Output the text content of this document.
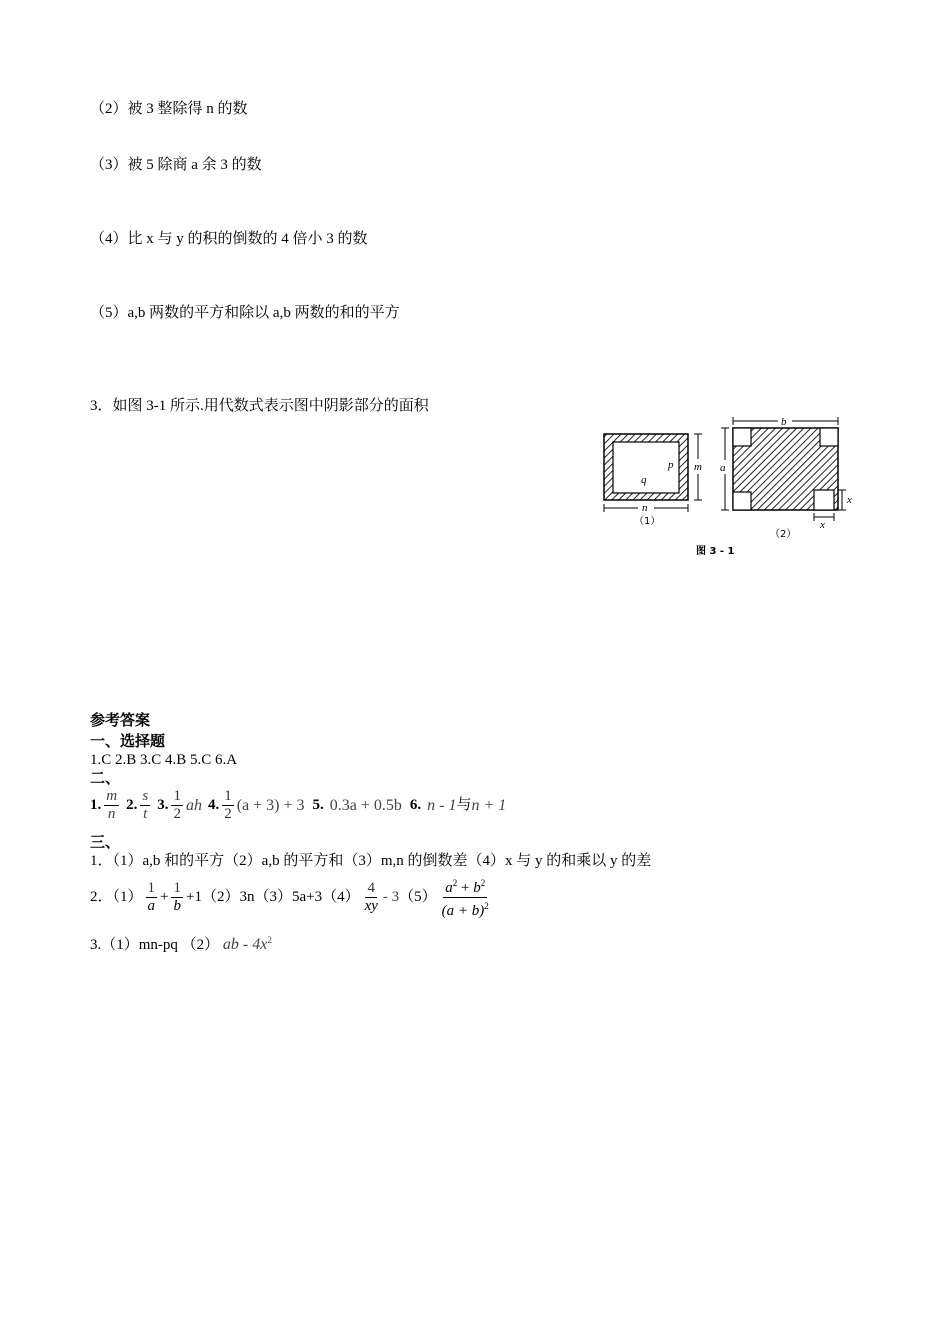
（2）被 3 整除得 n 的数
（3）被 5 除商 a 余 3 的数
（4）比 x 与 y 的积的倒数的 4 倍小 3 的数
（5）a,b 两数的平方和除以 a,b 两数的和的平方
3．如图 3-1 所示.用代数式表示图中阴影部分的面积
p
q
m
n
（1）
b
a
x
x
（2）
图 3 - 1
参考答案
一、选择题
1.C 2.B 3.C 4.B 5.C 6.A
二、
1. $\frac{m}{n} 2$. $\frac{s}{t} 3$. $\frac{1}{2}$ ah 4. $\frac{1}{2} (a + 3) + 3$ 5. 0.3a + 0.5b 6. n - 1 与 n + 1
三、
1．（1）a,b 和的平方（2）a,b 的平方和（3）m,n 的倒数差（4）x 与 y 的和乘以 y 的差
2．$(1) \frac{1}{a} + \frac{1}{b} +1$ $(2)3n(3)5a+3(4) \frac{4}{xy} - 3$ $(5) \frac{a^2 + b^2}{(a + b)^2}$
3.（1）mn-pq （2） ab - $4x^2$
